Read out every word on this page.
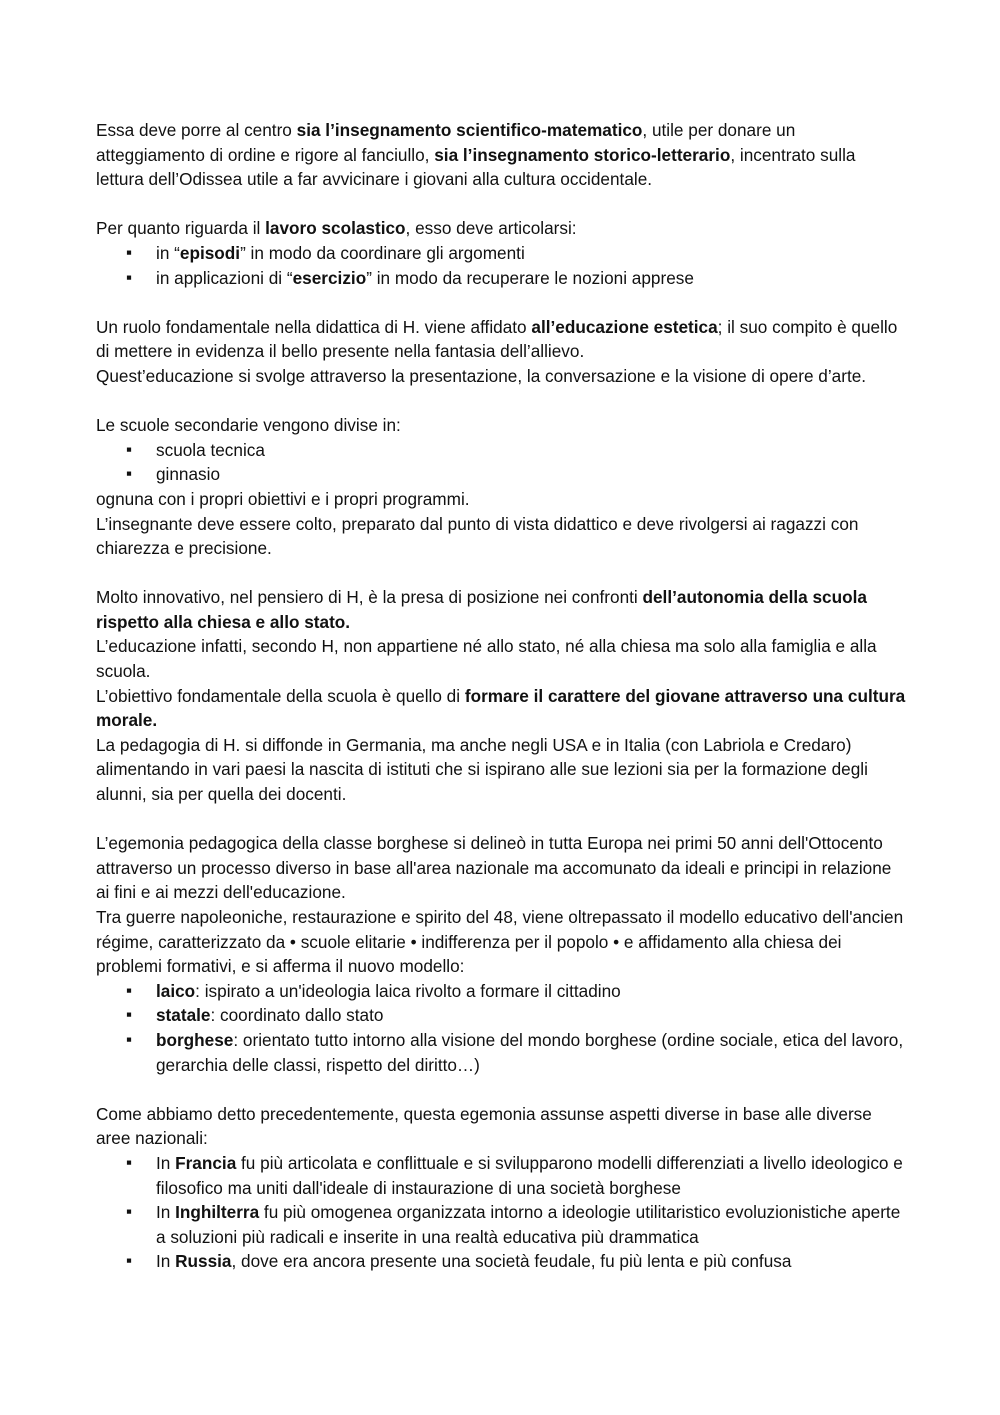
Essa deve porre al centro sia l’insegnamento scientifico-matematico, utile per donare un atteggiamento di ordine e rigore al fanciullo, sia l’insegnamento storico-letterario, incentrato sulla lettura dell’Odissea utile a far avvicinare i giovani alla cultura occidentale.
Per quanto riguarda il lavoro scolastico, esso deve articolarsi:
▪ in “episodi” in modo da coordinare gli argomenti
▪ in applicazioni di “esercizio” in modo da recuperare le nozioni apprese
Un ruolo fondamentale nella didattica di H. viene affidato all’educazione estetica; il suo compito è quello di mettere in evidenza il bello presente nella fantasia dell’allievo.
Quest’educazione si svolge attraverso la presentazione, la conversazione e la visione di opere d’arte.
Le scuole secondarie vengono divise in:
▪ scuola tecnica
▪ ginnasio
ognuna con i propri obiettivi e i propri programmi.
L’insegnante deve essere colto, preparato dal punto di vista didattico e deve rivolgersi ai ragazzi con chiarezza e precisione.
Molto innovativo, nel pensiero di H, è la presa di posizione nei confronti dell’autonomia della scuola rispetto alla chiesa e allo stato.
L’educazione infatti, secondo H, non appartiene né allo stato, né alla chiesa ma solo alla famiglia e alla scuola.
L’obiettivo fondamentale della scuola è quello di formare il carattere del giovane attraverso una cultura morale.
La pedagogia di H. si diffonde in Germania, ma anche negli USA e in Italia (con Labriola e Credaro) alimentando in vari paesi la nascita di istituti che si ispirano alle sue lezioni sia per la formazione degli alunni, sia per quella dei docenti.
L’egemonia pedagogica della classe borghese si delineò in tutta Europa nei primi 50 anni dell'Ottocento attraverso un processo diverso in base all'area nazionale ma accomunato da ideali e principi in relazione ai fini e ai mezzi dell'educazione.
Tra guerre napoleoniche, restaurazione e spirito del 48, viene oltrepassato il modello educativo dell'ancien régime, caratterizzato da • scuole elitarie • indifferenza per il popolo • e affidamento alla chiesa dei problemi formativi, e si afferma il nuovo modello:
▪ laico: ispirato a un'ideologia laica rivolto a formare il cittadino
▪ statale: coordinato dallo stato
▪ borghese: orientato tutto intorno alla visione del mondo borghese (ordine sociale, etica del lavoro, gerarchia delle classi, rispetto del diritto…)
Come abbiamo detto precedentemente, questa egemonia assunse aspetti diverse in base alle diverse aree nazionali:
▪ In Francia fu più articolata e conflittuale e si svilupparono modelli differenziati a livello ideologico e filosofico ma uniti dall'ideale di instaurazione di una società borghese
▪ In Inghilterra fu più omogenea organizzata intorno a ideologie utilitaristico evoluzionistiche aperte a soluzioni più radicali e inserite in una realtà educativa più drammatica
▪ In Russia, dove era ancora presente una società feudale, fu più lenta e più confusa
